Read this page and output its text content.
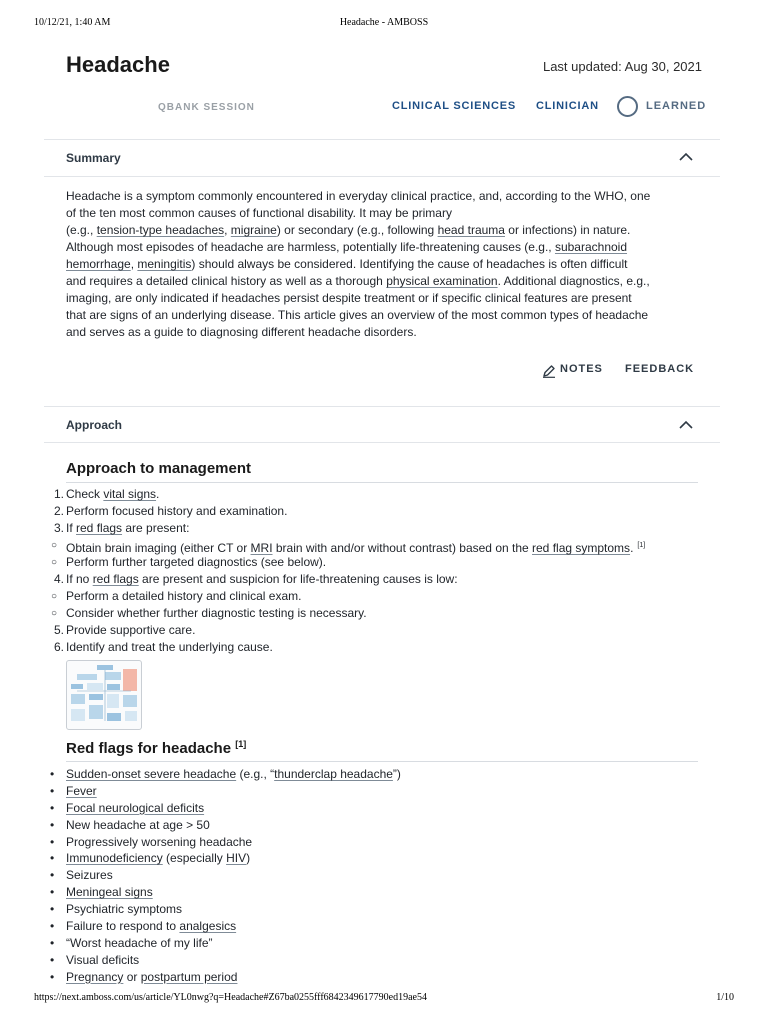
10/12/21, 1:40 AM	Headache - AMBOSS
Headache	Last updated: Aug 30, 2021
QBANK SESSION	CLINICAL SCIENCES CLINICIAN	LEARNED
Summary

Headache is a symptom commonly encountered in everyday clinical practice, and, according to the WHO, one
of the ten most common causes of functional disability. It may be primary
(e.g., tension-type headaches, migraine) or secondary (e.g., following head trauma or infections) in nature.
Although most episodes of headache are harmless, potentially life-threatening causes (e.g., subarachnoid
hemorrhage, meningitis) should always be considered. Identifying the cause of headaches is often difficult
and requires a detailed clinical history as well as a thorough physical examination. Additional diagnostics, e.g.,
imaging, are only indicated if headaches persist despite treatment or if specific clinical features are present
that are signs of an underlying disease. This article gives an overview of the most common types of headache
and serves as a guide to diagnosing different headache disorders.

NOTES FEEDBACK
Approach
Approach to management
1. Check vital signs.
2. Perform focused history and examination.
3. If red flags are present:
○ Obtain brain imaging (either CT or MRI brain with and/or without contrast) based on the red flag symptoms. [1]
○ Perform further targeted diagnostics (see below).
4. If no red flags are present and suspicion for life-threatening causes is low:
○ Perform a detailed history and clinical exam.
○ Consider whether further diagnostic testing is necessary.
5. Provide supportive care.
6. Identify and treat the underlying cause.
Red flags for headache [1]
• Sudden-onset severe headache (e.g., “thunderclap headache”)
• Fever
• Focal neurological deficits
• New headache at age > 50
• Progressively worsening headache
• Immunodeficiency (especially HIV)
• Seizures
• Meningeal signs
• Psychiatric symptoms
• Failure to respond to analgesics
• “Worst headache of my life”
• Visual deficits
• Pregnancy or postpartum period
https://next.amboss.com/us/article/YL0nwg?q=Headache#Z67ba0255fff6842349617790ed19ae54	1/10
